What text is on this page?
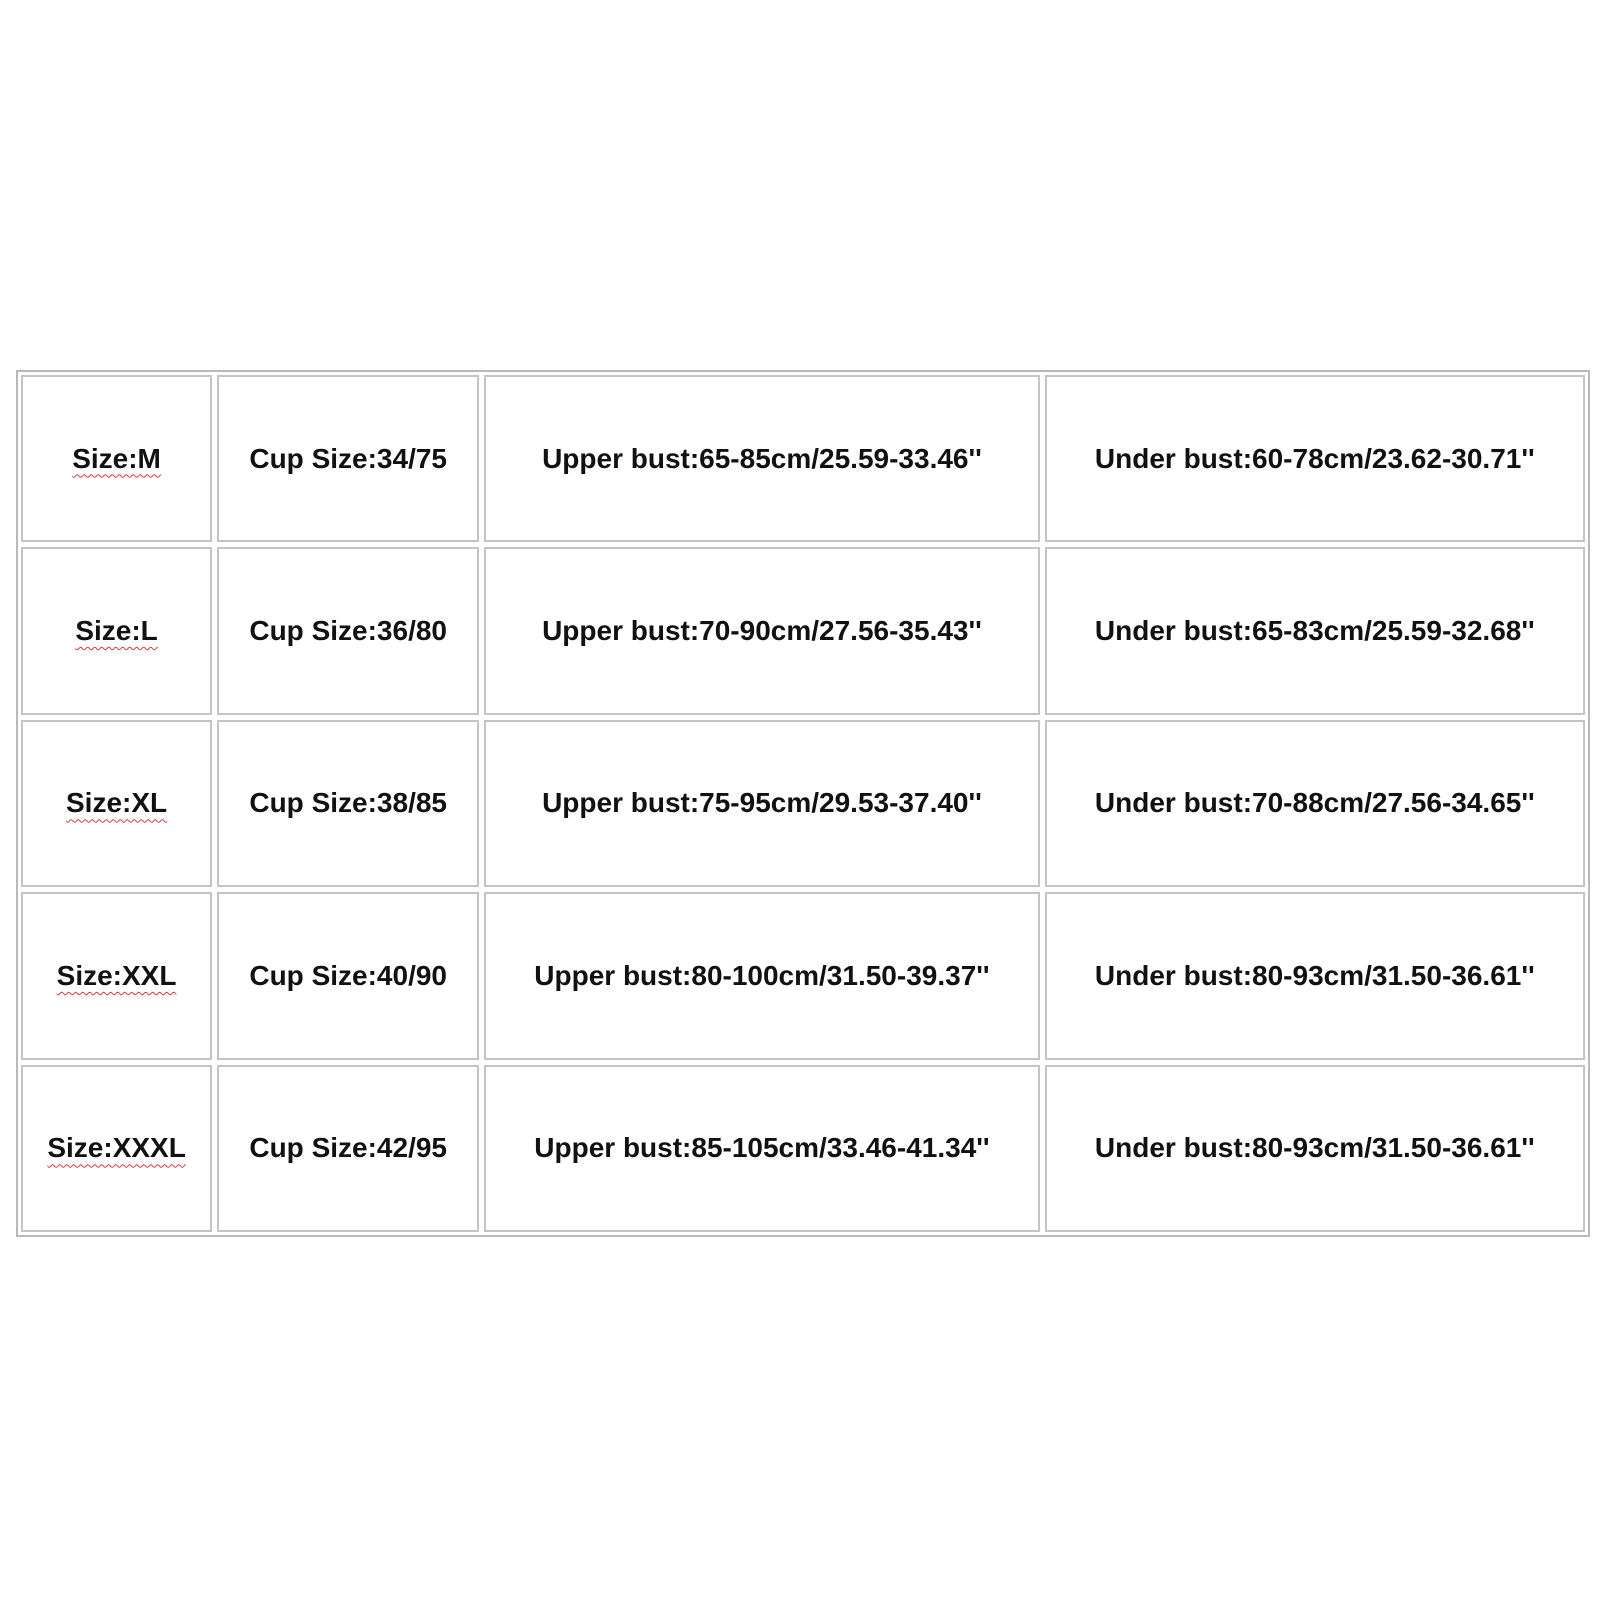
Size:M	Cup Size:34/75	Upper bust:65-85cm/25.59-33.46''	Under bust:60-78cm/23.62-30.71''
Size:L	Cup Size:36/80	Upper bust:70-90cm/27.56-35.43''	Under bust:65-83cm/25.59-32.68''
Size:XL	Cup Size:38/85	Upper bust:75-95cm/29.53-37.40''	Under bust:70-88cm/27.56-34.65''
Size:XXL	Cup Size:40/90	Upper bust:80-100cm/31.50-39.37''	Under bust:80-93cm/31.50-36.61''
Size:XXXL	Cup Size:42/95	Upper bust:85-105cm/33.46-41.34''	Under bust:80-93cm/31.50-36.61''
